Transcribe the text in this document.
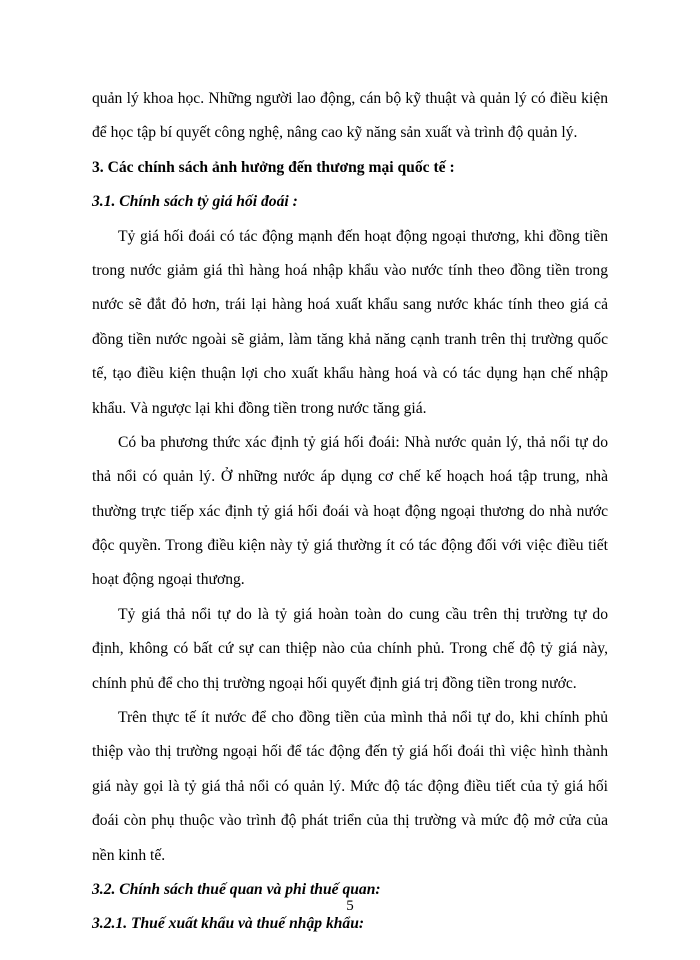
quản lý khoa học. Những người lao động, cán bộ kỹ thuật và quản lý có điều kiện
để học tập bí quyết công nghệ, nâng cao kỹ năng sản xuất và trình độ quản lý.
3. Các chính sách ảnh hưởng đến thương mại quốc tế :
3.1. Chính sách tỷ giá hối đoái :
Tỷ giá hối đoái có tác động mạnh đến hoạt động ngoại thương, khi đồng tiền
trong nước giảm giá thì hàng hoá nhập khẩu vào nước tính theo đồng tiền trong
nước sẽ đắt đỏ hơn, trái lại hàng hoá xuất khẩu sang nước khác tính theo giá cả
đồng tiền nước ngoài sẽ giảm, làm tăng khả năng cạnh tranh trên thị trường quốc
tế, tạo điều kiện thuận lợi cho xuất khẩu hàng hoá và có tác dụng hạn chế nhập
khẩu. Và ngược lại khi đồng tiền trong nước tăng giá.
Có ba phương thức xác định tỷ giá hối đoái: Nhà nước quản lý, thả nổi tự do
thả nổi có quản lý. Ở những nước áp dụng cơ chế kế hoạch hoá tập trung, nhà
thường trực tiếp xác định tỷ giá hối đoái và hoạt động ngoại thương do nhà nước
độc quyền. Trong điều kiện này tỷ giá thường ít có tác động đối với việc điều tiết
hoạt động ngoại thương.
Tỷ giá thả nổi tự do là tỷ giá hoàn toàn do cung cầu trên thị trường tự do
định, không có bất cứ sự can thiệp nào của chính phủ. Trong chế độ tỷ giá này,
chính phủ để cho thị trường ngoại hối quyết định giá trị đồng tiền trong nước.
Trên thực tế ít nước để cho đồng tiền của mình thả nổi tự do, khi chính phủ
thiệp vào thị trường ngoại hối để tác động đến tỷ giá hối đoái thì việc hình thành
giá này gọi là tỷ giá thả nổi có quản lý. Mức độ tác động điều tiết của tỷ giá hối
đoái còn phụ thuộc vào trình độ phát triển của thị trường và mức độ mở cửa của
nền kinh tế.
3.2. Chính sách thuế quan và phi thuế quan:
3.2.1. Thuế xuất khẩu và thuế nhập khẩu:
5
